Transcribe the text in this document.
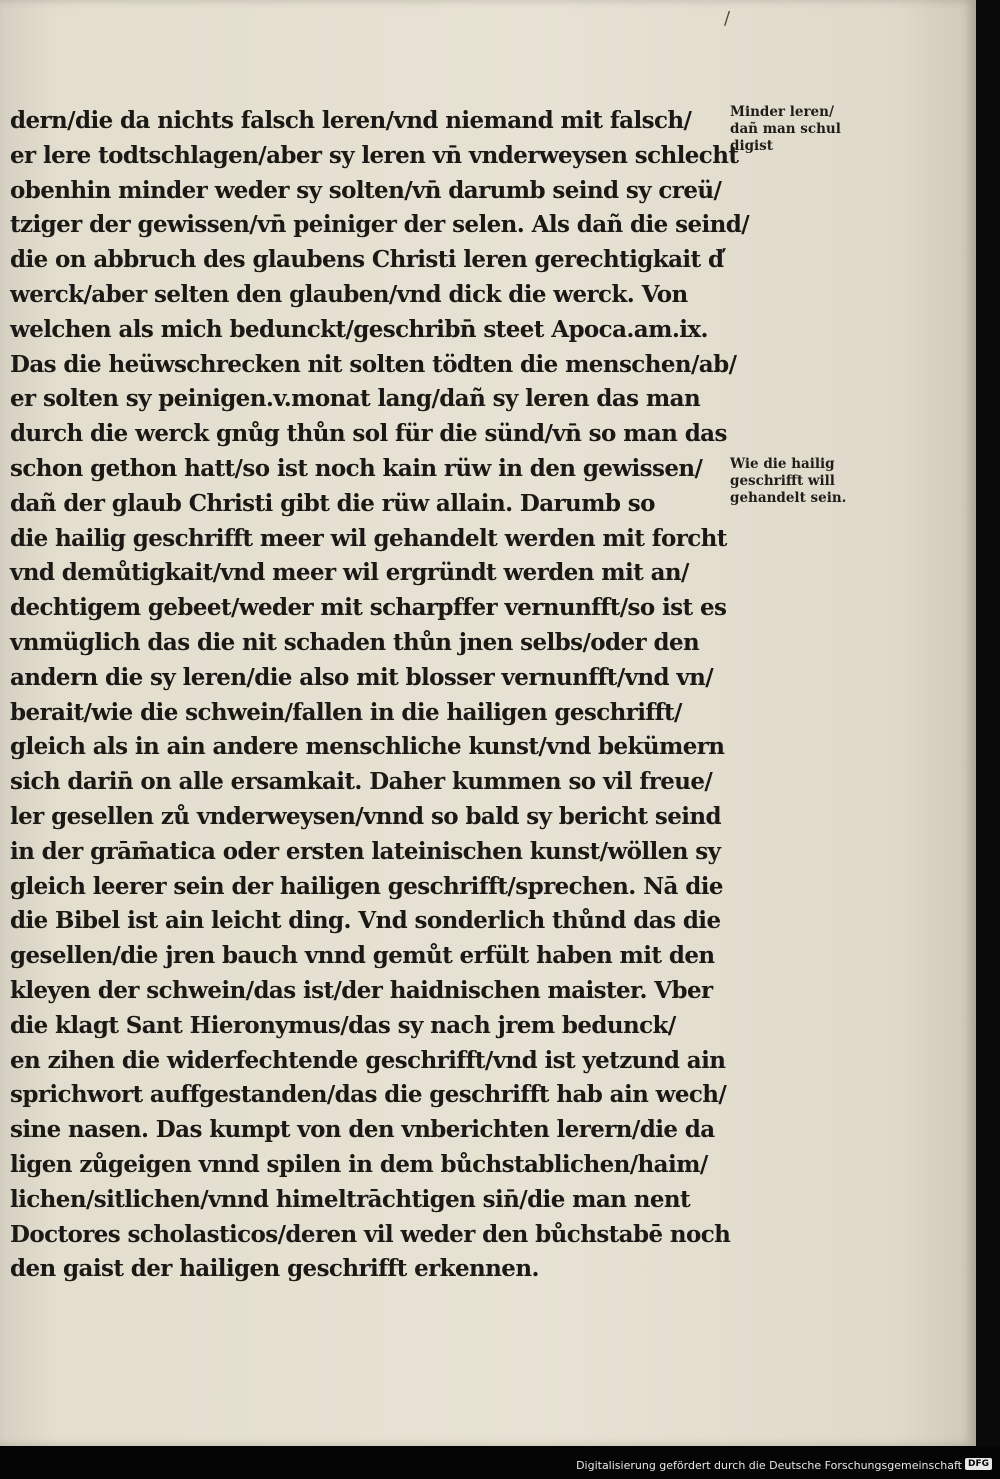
/
dern/die da nichts falsch leren/vnd niemand mit falsch/
er lere todtschlagen/aber sy leren vn̄ vnderweysen schlecht
obenhin minder weder sy solten/vn̄ darumb seind sy creü/
tziger der gewissen/vn̄ peiniger der selen. Als dañ die seind/
die on abbruch des glaubens Christi leren gerechtigkait d̕
werck/aber selten den glauben/vnd dick die werck. Von
welchen als mich bedunckt/geschribn̄ steet Apoca.am.ix.
Das die heüwschrecken nit solten tödten die menschen/ab/
er solten sy peinigen.v.monat lang/dañ sy leren das man
durch die werck gnůg thůn sol für die sünd/vn̄ so man das
schon gethon hatt/so ist noch kain rüw in den gewissen/
dañ der glaub Christi gibt die rüw allain. Darumb so
die hailig geschrifft meer wil gehandelt werden mit forcht
vnd demůtigkait/vnd meer wil ergründt werden mit an/
dechtigem gebeet/weder mit scharpffer vernunfft/so ist es
vnmüglich das die nit schaden thůn jnen selbs/oder den
andern die sy leren/die also mit blosser vernunfft/vnd vn/
berait/wie die schwein/fallen in die hailigen geschrifft/
gleich als in ain andere menschliche kunst/vnd bekümern
sich darin̄ on alle ersamkait. Daher kummen so vil freue/
ler gesellen zů vnderweysen/vnnd so bald sy bericht seind
in der grām̄atica oder ersten lateinischen kunst/wöllen sy
gleich leerer sein der hailigen geschrifft/sprechen. Nā die
die Bibel ist ain leicht ding. Vnd sonderlich thůnd das die
gesellen/die jren bauch vnnd gemůt erfült haben mit den
kleyen der schwein/das ist/der haidnischen maister. Vber
die klagt Sant Hieronymus/das sy nach jrem bedunck/
en zihen die widerfechtende geschrifft/vnd ist yetzund ain
sprichwort auffgestanden/das die geschrifft hab ain wech/
sine nasen. Das kumpt von den vnberichten lerern/die da
ligen zůgeigen vnnd spilen in dem bůchstablichen/haim/
lichen/sitlichen/vnnd himeltrāchtigen sin̄/die man nent
Doctores scholasticos/deren vil weder den bůchstabē noch
den gaist der hailigen geschrifft erkennen.
Minder leren/
dañ man schul
digist
Wie die hailig
geschrifft will
gehandelt sein.
Digitalisierung gefördert durch die Deutsche Forschungsgemeinschaft DFG
